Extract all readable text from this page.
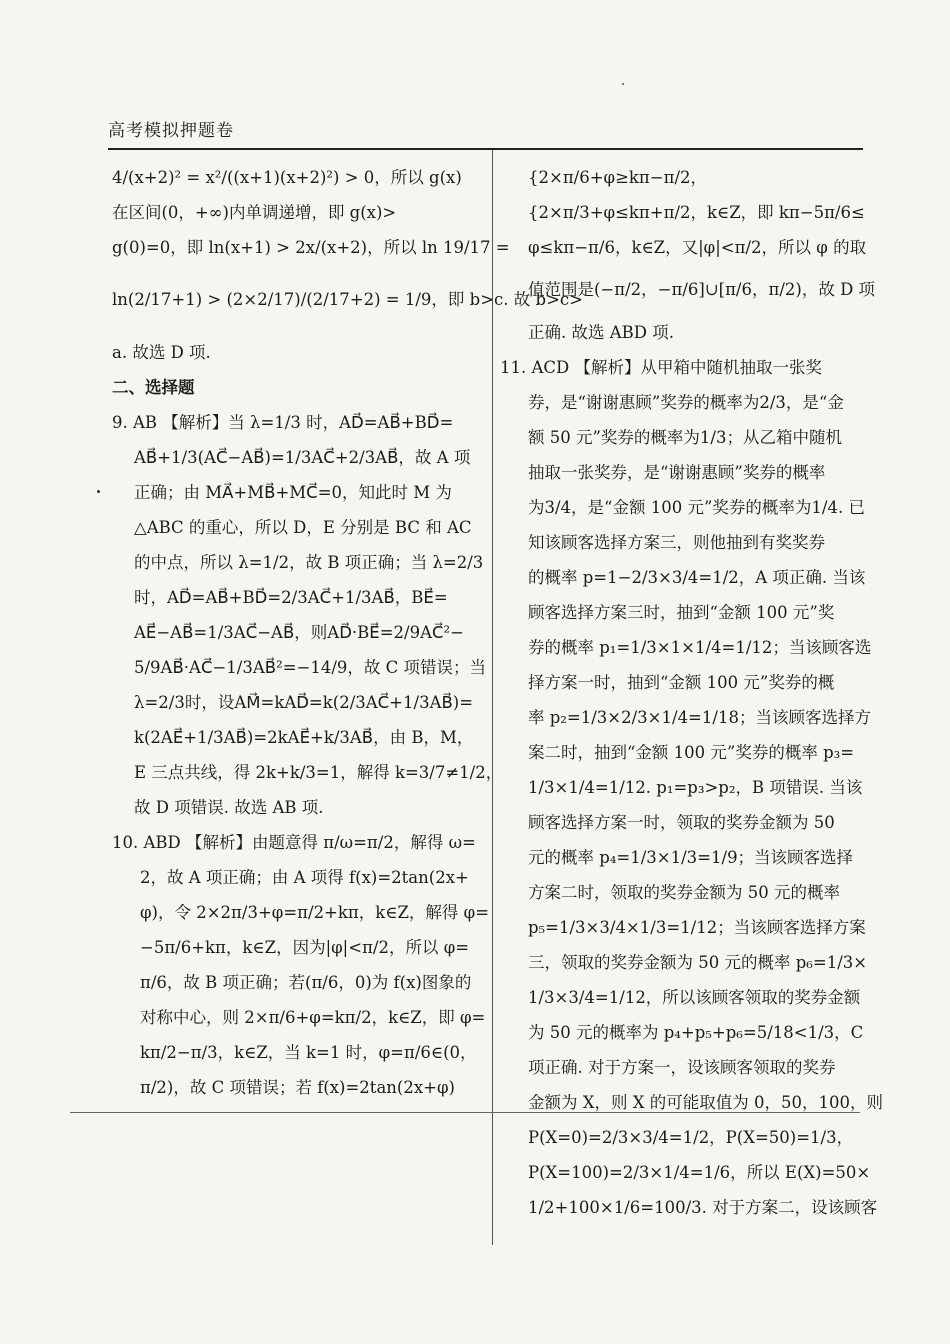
高考模拟押题卷
4/(x+2)² = x²/((x+1)(x+2)²) > 0，所以 g(x)
在区间(0，+∞)内单调递增，即 g(x)>
g(0)=0，即 ln(x+1) > 2x/(x+2)，所以 ln 19/17 =
ln(2/17+1) > (2×2/17)/(2/17+2) = 1/9，即 b>c. 故 b>c>
a. 故选 D 项.
二、选择题
9. AB 【解析】当 λ=1/3 时，AD⃗=AB⃗+BD⃗=
AB⃗+1/3(AC⃗−AB⃗)=1/3AC⃗+2/3AB⃗，故 A 项
正确；由 MA⃗+MB⃗+MC⃗=0，知此时 M 为
△ABC 的重心，所以 D，E 分别是 BC 和 AC
的中点，所以 λ=1/2，故 B 项正确；当 λ=2/3
时，AD⃗=AB⃗+BD⃗=2/3AC⃗+1/3AB⃗，BE⃗=
AE⃗−AB⃗=1/3AC⃗−AB⃗，则AD⃗·BE⃗=2/9AC⃗²−
5/9AB⃗·AC⃗−1/3AB⃗²=−14/9，故 C 项错误；当
λ=2/3时，设AM⃗=kAD⃗=k(2/3AC⃗+1/3AB⃗)=
k(2AE⃗+1/3AB⃗)=2kAE⃗+k/3AB⃗，由 B，M，
E 三点共线，得 2k+k/3=1，解得 k=3/7≠1/2，
故 D 项错误. 故选 AB 项.
10. ABD 【解析】由题意得 π/ω=π/2，解得 ω=
2，故 A 项正确；由 A 项得 f(x)=2tan(2x+
φ)，令 2×2π/3+φ=π/2+kπ，k∈Z，解得 φ=
−5π/6+kπ，k∈Z，因为|φ|<π/2，所以 φ=
π/6，故 B 项正确；若(π/6，0)为 f(x)图象的
对称中心，则 2×π/6+φ=kπ/2，k∈Z，即 φ=
kπ/2−π/3，k∈Z，当 k=1 时，φ=π/6∈(0，
π/2)，故 C 项错误；若 f(x)=2tan(2x+φ)
{2×π/6+φ≥kπ−π/2，
{2×π/3+φ≤kπ+π/2，k∈Z，即 kπ−5π/6≤
φ≤kπ−π/6，k∈Z，又|φ|<π/2，所以 φ 的取
值范围是(−π/2，−π/6]∪[π/6，π/2)，故 D 项
正确. 故选 ABD 项.
11. ACD 【解析】从甲箱中随机抽取一张奖
券，是“谢谢惠顾”奖券的概率为2/3，是“金
额 50 元”奖券的概率为1/3；从乙箱中随机
抽取一张奖券，是“谢谢惠顾”奖券的概率
为3/4，是“金额 100 元”奖券的概率为1/4. 已
知该顾客选择方案三，则他抽到有奖奖券
的概率 p=1−2/3×3/4=1/2，A 项正确. 当该
顾客选择方案三时，抽到“金额 100 元”奖
券的概率 p₁=1/3×1×1/4=1/12；当该顾客选
择方案一时，抽到“金额 100 元”奖券的概
率 p₂=1/3×2/3×1/4=1/18；当该顾客选择方
案二时，抽到“金额 100 元”奖券的概率 p₃=
1/3×1/4=1/12. p₁=p₃>p₂，B 项错误. 当该
顾客选择方案一时，领取的奖券金额为 50
元的概率 p₄=1/3×1/3=1/9；当该顾客选择
方案二时，领取的奖券金额为 50 元的概率
p₅=1/3×3/4×1/3=1/12；当该顾客选择方案
三，领取的奖券金额为 50 元的概率 p₆=1/3×
1/3×3/4=1/12，所以该顾客领取的奖券金额
为 50 元的概率为 p₄+p₅+p₆=5/18<1/3，C
项正确. 对于方案一，设该顾客领取的奖券
金额为 X，则 X 的可能取值为 0，50，100，则
P(X=0)=2/3×3/4=1/2，P(X=50)=1/3，
P(X=100)=2/3×1/4=1/6，所以 E(X)=50×
1/2+100×1/6=100/3. 对于方案二，设该顾客
